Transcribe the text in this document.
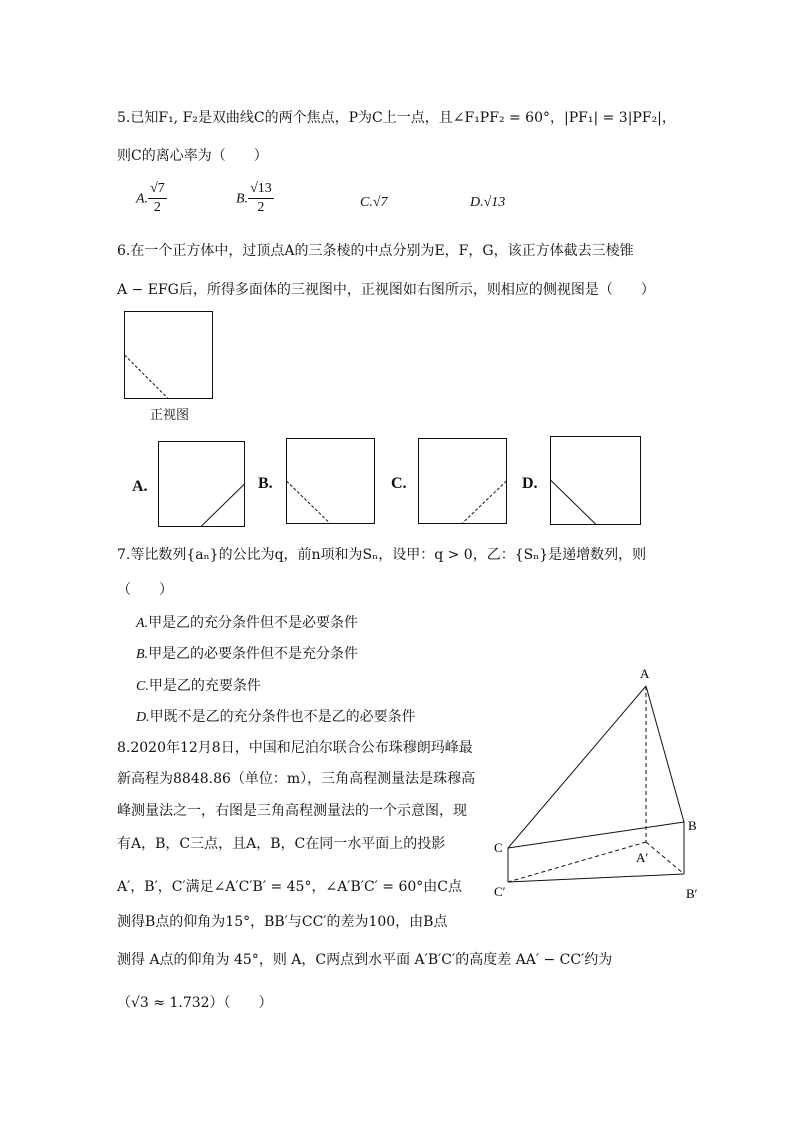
5.已知F₁, F₂是双曲线C的两个焦点，P为C上一点，且∠F₁PF₂ = 60°，|PF₁| = 3|PF₂|，
则C的离心率为（　　）
A. $\frac{√7}{2}$	B. $\frac{√13}{2}$	C.√7	D.√13
6.在一个正方体中，过顶点A的三条棱的中点分别为E，F，G，该正方体截去三棱锥
A − EFG后，所得多面体的三视图中，正视图如右图所示，则相应的侧视图是（　　）
正视图
A.	B.	C.	D.
7.等比数列{aₙ}的公比为q，前n项和为Sₙ，设甲：q > 0，乙：{Sₙ}是递增数列，则
（　　）
A.甲是乙的充分条件但不是必要条件
B.甲是乙的必要条件但不是充分条件
C.甲是乙的充要条件
D.甲既不是乙的充分条件也不是乙的必要条件
8.2020年12月8日，中国和尼泊尔联合公布珠穆朗玛峰最
新高程为8848.86（单位：m），三角高程测量法是珠穆高
峰测量法之一，右图是三角高程测量法的一个示意图，现
有A，B，C三点，且A，B，C在同一水平面上的投影
A′，B′，C′满足∠A′C′B′ = 45°，∠A′B′C′ = 60°由C点
测得B点的仰角为15°，BB′与CC′的差为100，由B点
测得 A点的仰角为 45°，则 A，C两点到水平面 A′B′C′的高度差 AA′ − CC′约为
（√3 ≈ 1.732）（　　）
A
B
C
A′
B′
C′
